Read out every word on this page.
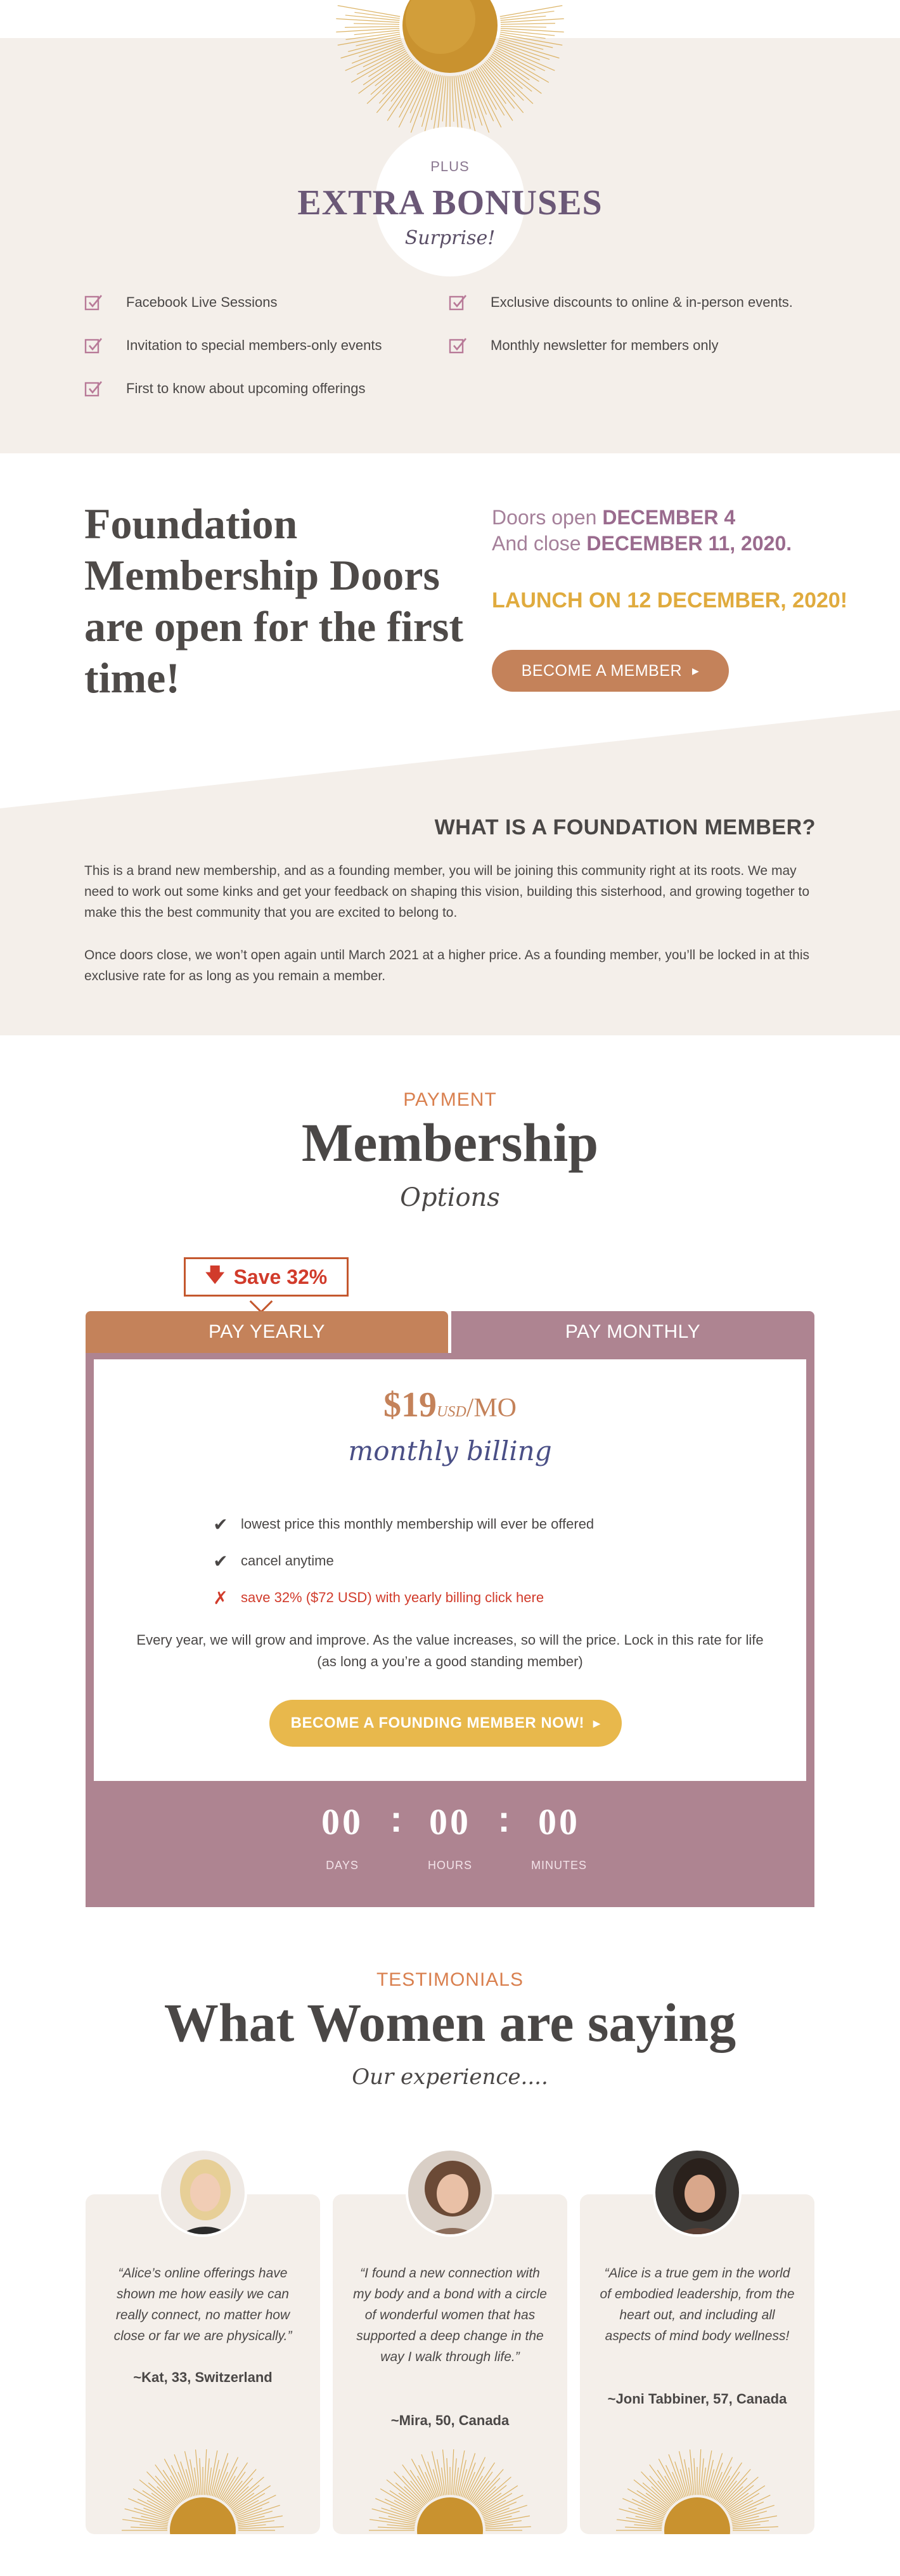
PLUS
EXTRA BONUSES
Surprise!
Facebook Live Sessions
Invitation to special members-only events
First to know about upcoming offerings
Exclusive discounts to online & in-person events.
Monthly newsletter for members only
Foundation Membership Doors are open for the first time!
Doors open DECEMBER 4
And close DECEMBER 11, 2020.
LAUNCH ON 12 DECEMBER, 2020!
BECOME A MEMBER ▶
WHAT IS A FOUNDATION MEMBER?

This is a brand new membership, and as a founding member, you will be joining this community right at its roots. We may need to work out some kinks and get your feedback on shaping this vision, building this sisterhood, and growing together to make this the best community that you are excited to belong to.

Once doors close, we won’t open again until March 2021 at a higher price. As a founding member, you’ll be locked in at this exclusive rate for as long as you remain a member.

PAYMENT
Membership
Options
🡇 Save 32%
PAY YEARLY	PAY MONTHLY
$19USD/MO
monthly billing
✔ lowest price this monthly membership will ever be offered
✔ cancel anytime
✗ save 32% ($72 USD) with yearly billing click here

Every year, we will grow and improve. As the value increases, so will the price. Lock in this rate for life (as long a you’re a good standing member)

BECOME A FOUNDING MEMBER NOW! ▶
00 : 00 : 00
DAYS	HOURS	MINUTES
TESTIMONIALS
What Women are saying
Our experience....

“Alice’s online offerings have shown me how easily we can really connect, no matter how close or far we are physically.”

~Kat, 33, Switzerland

“I found a new connection with my body and a bond with a circle of wonderful women that has supported a deep change in the way I walk through life.”

~Mira, 50, Canada

“Alice is a true gem in the world of embodied leadership, from the heart out, and including all aspects of mind body wellness!

~Joni Tabbiner, 57, Canada
